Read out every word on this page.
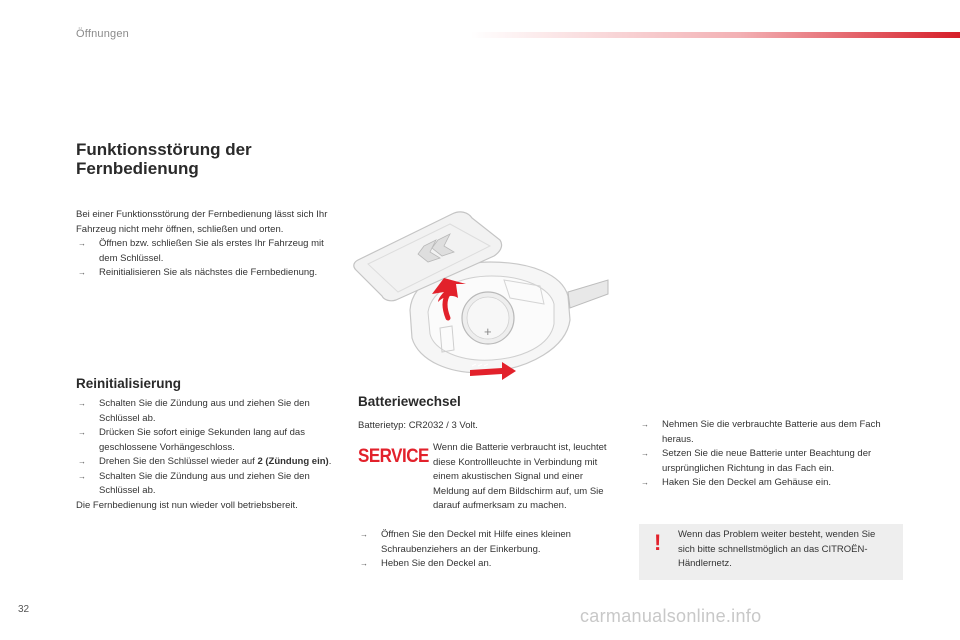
Öffnungen
Funktionsstörung der Fernbedienung
Bei einer Funktionsstörung der Fernbedienung lässt sich Ihr Fahrzeug nicht mehr öffnen, schließen und orten.
→ Öffnen bzw. schließen Sie als erstes Ihr Fahrzeug mit dem Schlüssel.
→ Reinitialisieren Sie als nächstes die Fernbedienung.
Reinitialisierung
→ Schalten Sie die Zündung aus und ziehen Sie den Schlüssel ab.
→ Drücken Sie sofort einige Sekunden lang auf das geschlossene Vorhängeschloss.
→ Drehen Sie den Schlüssel wieder auf 2 (Zündung ein).
→ Schalten Sie die Zündung aus und ziehen Sie den Schlüssel ab.
Die Fernbedienung ist nun wieder voll betriebsbereit.
+
Batteriewechsel
Batterietyp: CR2032 / 3 Volt.
SERVICE Wenn die Batterie verbraucht ist, leuchtet diese Kontrollleuchte in Verbindung mit einem akustischen Signal und einer Meldung auf dem Bildschirm auf, um Sie darauf aufmerksam zu machen.
→ Öffnen Sie den Deckel mit Hilfe eines kleinen Schraubenziehers an der Einkerbung.
→ Heben Sie den Deckel an.
→ Nehmen Sie die verbrauchte Batterie aus dem Fach heraus.
→ Setzen Sie die neue Batterie unter Beachtung der ursprünglichen Richtung in das Fach ein.
→ Haken Sie den Deckel am Gehäuse ein.
! Wenn das Problem weiter besteht, wenden Sie sich bitte schnellstmöglich an das CITROËN-Händlernetz.
32	carmanualsonline.info
